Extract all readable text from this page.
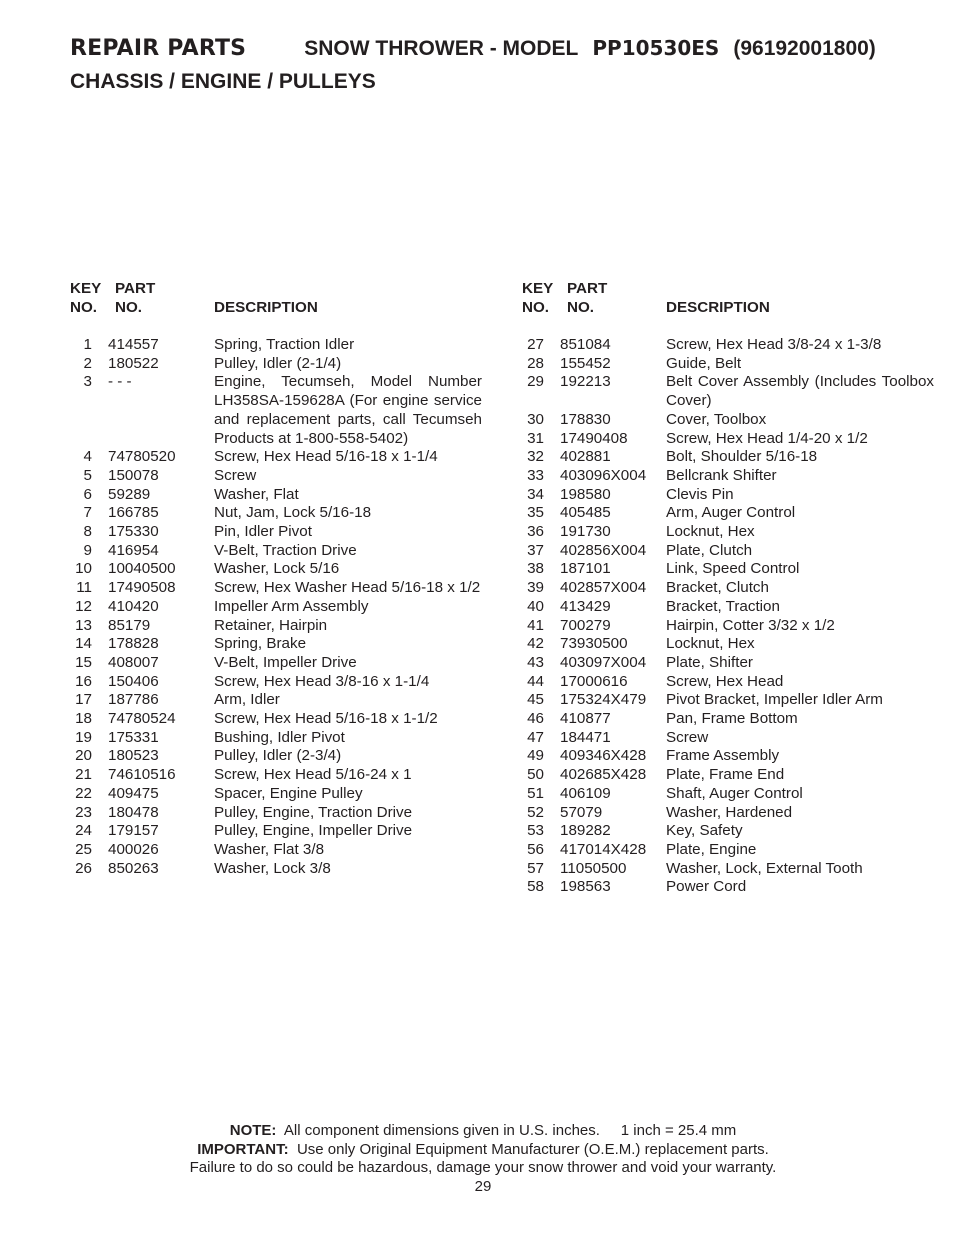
REPAIR PARTS	SNOW THROWER - MODEL PP10530ES (96192001800)
CHASSIS / ENGINE / PULLEYS
KEY PART
NO. NO.	DESCRIPTION
1 414557	Spring, Traction Idler
2 180522	Pulley, Idler (2-1/4)
3 - - -	Engine, Tecumseh, Model Number LH358SA-159628A (For engine service and replacement parts, call Tecumseh Products at 1-800-558-5402)
4 74780520	Screw, Hex Head 5/16-18 x 1-1/4
5 150078	Screw
6 59289	Washer, Flat
7 166785	Nut, Jam, Lock 5/16-18
8 175330	Pin, Idler Pivot
9 416954	V-Belt, Traction Drive
10 10040500	Washer, Lock 5/16
11 17490508	Screw, Hex Washer Head 5/16-18 x 1/2
12 410420	Impeller Arm Assembly
13 85179	Retainer, Hairpin
14 178828	Spring, Brake
15 408007	V-Belt, Impeller Drive
16 150406	Screw, Hex Head 3/8-16 x 1-1/4
17 187786	Arm, Idler
18 74780524	Screw, Hex Head 5/16-18 x 1-1/2
19 175331	Bushing, Idler Pivot
20 180523	Pulley, Idler (2-3/4)
21 74610516	Screw, Hex Head 5/16-24 x 1
22 409475	Spacer, Engine Pulley
23 180478	Pulley, Engine, Traction Drive
24 179157	Pulley, Engine, Impeller Drive
25 400026	Washer, Flat 3/8
26 850263	Washer, Lock 3/8
KEY PART
NO. NO.	DESCRIPTION
27 851084	Screw, Hex Head 3/8-24 x 1-3/8
28 155452	Guide, Belt
29 192213	Belt Cover Assembly (Includes Toolbox Cover)
30 178830	Cover, Toolbox
31 17490408	Screw, Hex Head 1/4-20 x 1/2
32 402881	Bolt, Shoulder 5/16-18
33 403096X004	Bellcrank Shifter
34 198580	Clevis Pin
35 405485	Arm, Auger Control
36 191730	Locknut, Hex
37 402856X004	Plate, Clutch
38 187101	Link, Speed Control
39 402857X004	Bracket, Clutch
40 413429	Bracket, Traction
41 700279	Hairpin, Cotter 3/32 x 1/2
42 73930500	Locknut, Hex
43 403097X004	Plate, Shifter
44 17000616	Screw, Hex Head
45 175324X479	Pivot Bracket, Impeller Idler Arm
46 410877	Pan, Frame Bottom
47 184471	Screw
49 409346X428	Frame Assembly
50 402685X428	Plate, Frame End
51 406109	Shaft, Auger Control
52 57079	Washer, Hardened
53 189282	Key, Safety
56 417014X428	Plate, Engine
57 11050500	Washer, Lock, External Tooth
58 198563	Power Cord
NOTE: All component dimensions given in U.S. inches. 1 inch = 25.4 mm
IMPORTANT: Use only Original Equipment Manufacturer (O.E.M.) replacement parts.
Failure to do so could be hazardous, damage your snow thrower and void your warranty.
29
